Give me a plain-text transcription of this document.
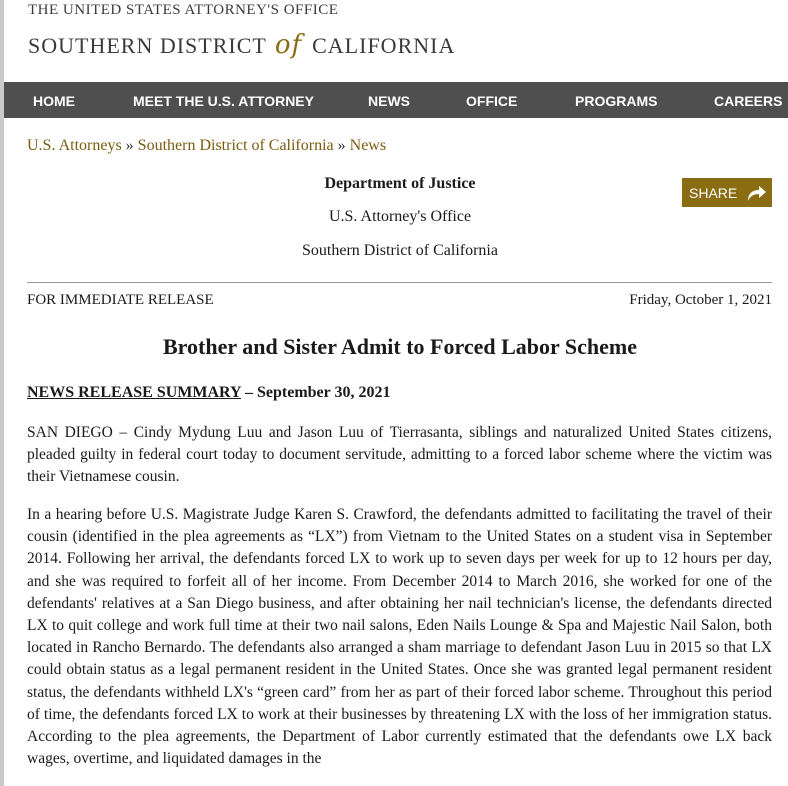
THE UNITED STATES ATTORNEY'S OFFICE
SOUTHERN DISTRICT of CALIFORNIA
HOME	MEET THE U.S. ATTORNEY	NEWS	OFFICE	PROGRAMS	CAREERS
U.S. Attorneys » Southern District of California » News
Department of Justice
U.S. Attorney's Office
Southern District of California
SHARE
FOR IMMEDIATE RELEASE	Friday, October 1, 2021
Brother and Sister Admit to Forced Labor Scheme
NEWS RELEASE SUMMARY – September 30, 2021

SAN DIEGO – Cindy Mydung Luu and Jason Luu of Tierrasanta, siblings and naturalized United States citizens, pleaded guilty in federal court today to document servitude, admitting to a forced labor scheme where the victim was their Vietnamese cousin.

In a hearing before U.S. Magistrate Judge Karen S. Crawford, the defendants admitted to facilitating the travel of their cousin (identified in the plea agreements as “LX”) from Vietnam to the United States on a student visa in September 2014. Following her arrival, the defendants forced LX to work up to seven days per week for up to 12 hours per day, and she was required to forfeit all of her income. From December 2014 to March 2016, she worked for one of the defendants' relatives at a San Diego business, and after obtaining her nail technician's license, the defendants directed LX to quit college and work full time at their two nail salons, Eden Nails Lounge & Spa and Majestic Nail Salon, both located in Rancho Bernardo. The defendants also arranged a sham marriage to defendant Jason Luu in 2015 so that LX could obtain status as a legal permanent resident in the United States. Once she was granted legal permanent resident status, the defendants withheld LX's “green card” from her as part of their forced labor scheme. Throughout this period of time, the defendants forced LX to work at their businesses by threatening LX with the loss of her immigration status. According to the plea agreements, the Department of Labor currently estimated that the defendants owe LX back wages, overtime, and liquidated damages in the
